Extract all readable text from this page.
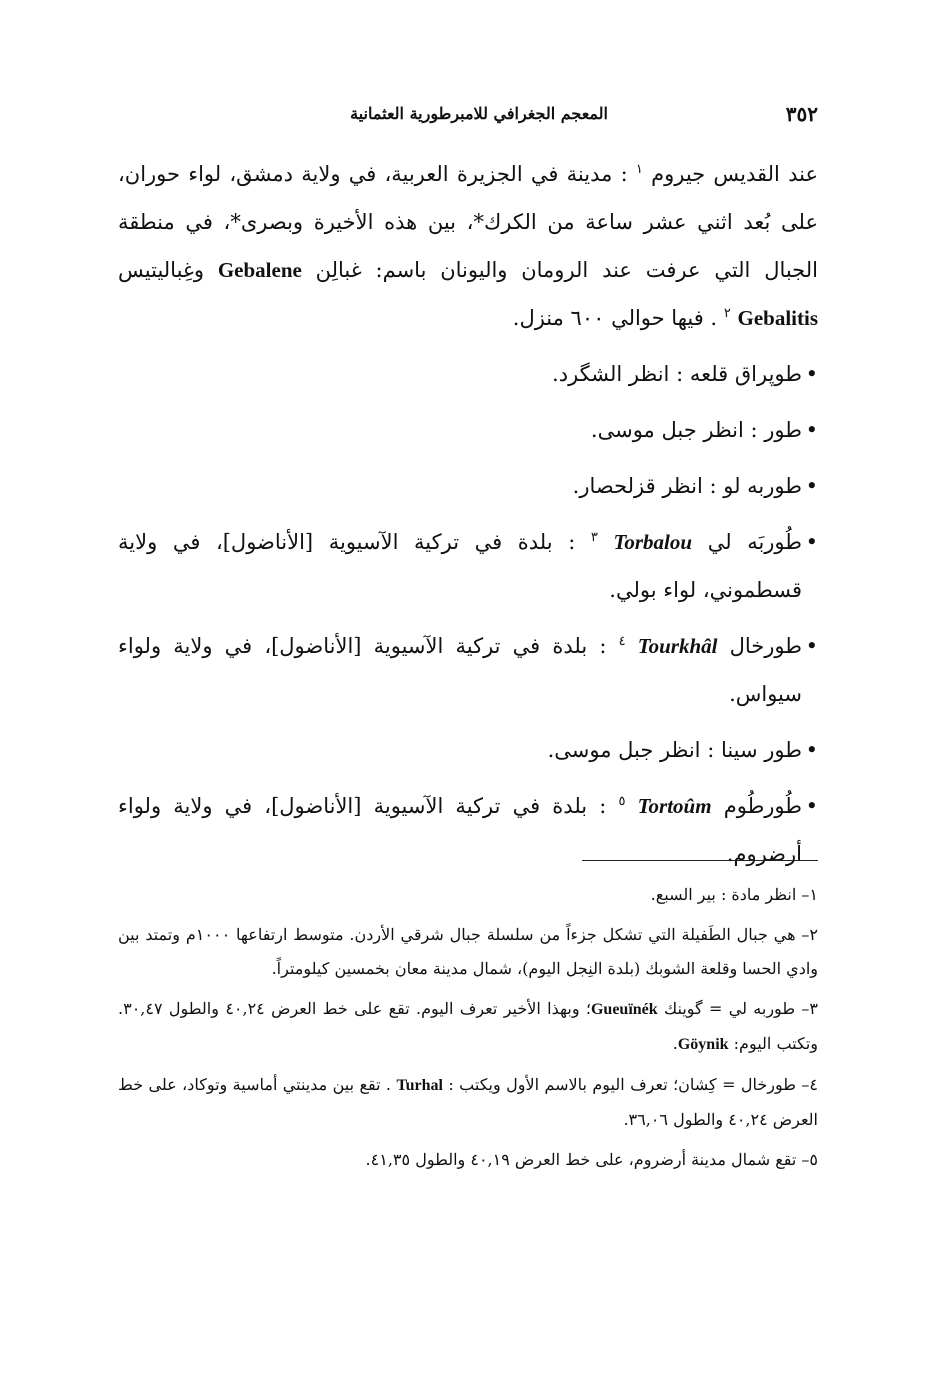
٣٥٢
المعجم الجغرافي للامبرطورية العثمانية

عند القديس جيروم $^١$ : مدينة في الجزيرة العربية، في ولاية دمشق، لواء حوران، على بُعد اثني عشر ساعة من الكرك*، بين هذه الأخيرة وبصرى*، في منطقة الجبال التي عرفت عند الرومان واليونان باسم: غبالِن Gebalene وغِباليتيس Gebalitis $^٢$ . فيها حوالي ٦٠٠ منزل.

•
طوپراق قلعه : انظر الشگرد.

•
طور : انظر جبل موسى.

•
طوربه لو : انظر قزلحصار.

•
طُوربَه لي Torbalou $^٣$ : بلدة في تركية الآسيوية [الأناضول]، في ولاية قسطموني، لواء بولي.

•
طورخال Tourkhâl $^٤$ : بلدة في تركية الآسيوية [الأناضول]، في ولاية ولواء سيواس.

•
طور سينا : انظر جبل موسى.

•
طُورطُوم Tortoûm $^٥$ : بلدة في تركية الآسيوية [الأناضول]، في ولاية ولواء أرضروم.

١– انظر مادة : بير السبع.

٢– هي جبال الطَفيلة التي تشكل جزءاً من سلسلة جبال شرقي الأردن. متوسط ارتفاعها ١٠٠٠م وتمتد بين وادي الحسا وقلعة الشوبك (بلدة النِجل اليوم)، شمال مدينة معان بخمسين كيلومتراً.

٣– طوربه لي = گوينك Gueuïnék؛ وبهذا الأخير تعرف اليوم. تقع على خط العرض ٤٠,٢٤ والطول ٣٠,٤٧. وتكتب اليوم: Göynik.

٤– طورخال = كِشان؛ تعرف اليوم بالاسم الأول ويكتب : Turhal . تقع بين مدينتي أماسية وتوكاد، على خط العرض ٤٠,٢٤ والطول ٣٦,٠٦.

٥– تقع شمال مدينة أرضروم، على خط العرض ٤٠,١٩ والطول ٤١,٣٥.
